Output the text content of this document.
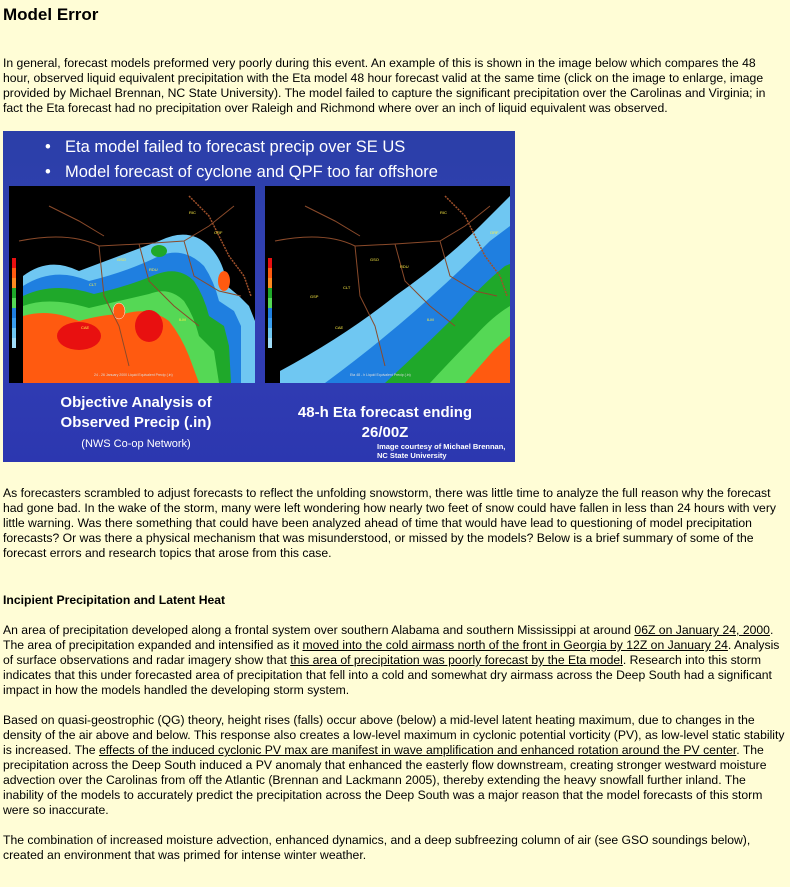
Model Error

In general, forecast models preformed very poorly during this event. An example of this is shown in the image below which compares the 48 hour, observed liquid equivalent precipitation with the Eta model 48 hour forecast valid at the same time (click on the image to enlarge, image provided by Michael Brennan, NC State University). The model failed to capture the significant precipitation over the Carolinas and Virginia; in fact the Eta forecast had no precipitation over Raleigh and Richmond where over an inch of liquid equivalent was observed.

• Eta model failed to forecast precip over SE US
• Model forecast of cyclone and QPF too far offshore
RIC
ORF
GSO
RDU
CLT
ILM
CAE
24 - 26 January 2000 Liquid Equivalent Precip (.in)
RIC
ORF
GSO
RDU
CLT
ILM
GSP
CAE
Eta 48 - h Liquid Equivalent Precip (.in)
Objective Analysis of
Observed Precip (.in)
(NWS Co-op Network)
48-h Eta forecast ending
26/00Z
Image courtesy of Michael Brennan,
NC State University

As forecasters scrambled to adjust forecasts to reflect the unfolding snowstorm, there was little time to analyze the full reason why the forecast had gone bad. In the wake of the storm, many were left wondering how nearly two feet of snow could have fallen in less than 24 hours with very little warning. Was there something that could have been analyzed ahead of time that would have lead to questioning of model precipitation forecasts? Or was there a physical mechanism that was misunderstood, or missed by the models? Below is a brief summary of some of the forecast errors and research topics that arose from this case.

Incipient Precipitation and Latent Heat

An area of precipitation developed along a frontal system over southern Alabama and southern Mississippi at around 06Z on January 24, 2000. The area of precipitation expanded and intensified as it moved into the cold airmass north of the front in Georgia by 12Z on January 24. Analysis of surface observations and radar imagery show that this area of precipitation was poorly forecast by the Eta model. Research into this storm indicates that this under forecasted area of precipitation that fell into a cold and somewhat dry airmass across the Deep South had a significant impact in how the models handled the developing storm system.

Based on quasi-geostrophic (QG) theory, height rises (falls) occur above (below) a mid-level latent heating maximum, due to changes in the density of the air above and below. This response also creates a low-level maximum in cyclonic potential vorticity (PV), as low-level static stability is increased. The effects of the induced cyclonic PV max are manifest in wave amplification and enhanced rotation around the PV center. The precipitation across the Deep South induced a PV anomaly that enhanced the easterly flow downstream, creating stronger westward moisture advection over the Carolinas from off the Atlantic (Brennan and Lackmann 2005), thereby extending the heavy snowfall further inland. The inability of the models to accurately predict the precipitation across the Deep South was a major reason that the model forecasts of this storm were so inaccurate.

The combination of increased moisture advection, enhanced dynamics, and a deep subfreezing column of air (see GSO soundings below), created an environment that was primed for intense winter weather.
